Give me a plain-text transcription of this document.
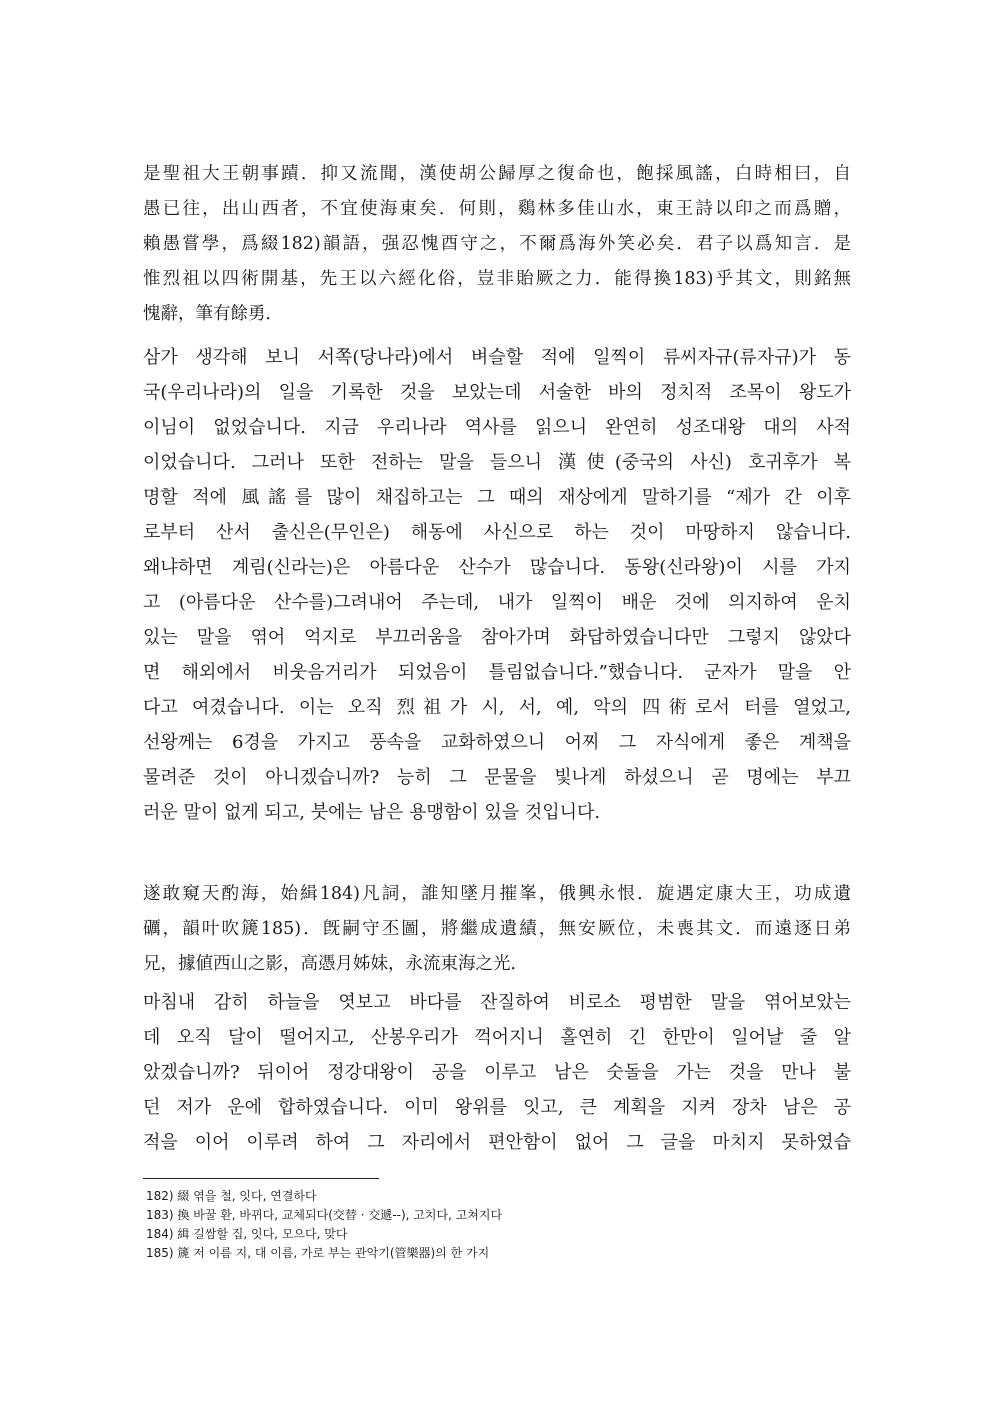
是聖祖大王朝事蹟．抑又流聞，漢使胡公歸厚之復命也，飽採風謠，白時相曰，自
愚已往，出山西者，不宜使海東矣．何則，鷄林多佳山水，東王詩以印之而爲贈，
賴愚嘗學，爲綴182)韻語，强忍愧酉守之，不爾爲海外笑必矣．君子以爲知言．是
惟烈祖以四術開基，先王以六經化俗，豈非貽厥之力．能得換183)乎其文，則銘無
愧辭，筆有餘勇．
삼가 생각해 보니 서쪽(당나라)에서 벼슬할 적에 일찍이 류씨자규(류자규)가 동
국(우리나라)의 일을 기록한 것을 보았는데 서술한 바의 정치적 조목이 왕도가
이님이 없었습니다. 지금 우리나라 역사를 읽으니 완연히 성조대왕 대의 사적
이었습니다. 그러나 또한 전하는 말을 들으니 漢使(중국의 사신) 호귀후가 복
명할 적에 風謠를 많이 채집하고는 그 때의 재상에게 말하기를 “제가 간 이후
로부터 산서 출신은(무인은) 해동에 사신으로 하는 것이 마땅하지 않습니다.
왜냐하면 계림(신라는)은 아름다운 산수가 많습니다. 동왕(신라왕)이 시를 가지
고 (아름다운 산수를)그려내어 주는데, 내가 일찍이 배운 것에 의지하여 운치
있는 말을 엮어 억지로 부끄러움을 참아가며 화답하였습니다만 그렇지 않았다
면 해외에서 비웃음거리가 되었음이 틀림없습니다.”했습니다. 군자가 말을 안
다고 여겼습니다. 이는 오직 烈祖가 시, 서, 예, 악의 四術로서 터를 열었고,
선왕께는 6경을 가지고 풍속을 교화하였으니 어찌 그 자식에게 좋은 계책을
물려준 것이 아니겠습니까? 능히 그 문물을 빛나게 하셨으니 곧 명에는 부끄
러운 말이 없게 되고, 붓에는 남은 용맹함이 있을 것입니다.
遂敢窺天酌海，始緝184)凡詞，誰知墜月摧峯，俄興永恨．旋遇定康大王，功成遺
礪，韻叶吹篪185)．旣嗣守丕圖，將繼成遺績，無安厥位，未喪其文．而遠逐日弟
兄，據値西山之影，高憑月姊妹，永流東海之光．
마침내 감히 하늘을 엿보고 바다를 잔질하여 비로소 평범한 말을 엮어보았는
데 오직 달이 떨어지고, 산봉우리가 꺽어지니 홀연히 긴 한만이 일어날 줄 알
았겠습니까? 뒤이어 정강대왕이 공을 이루고 남은 숫돌을 가는 것을 만나 불
던 저가 운에 합하였습니다. 이미 왕위를 잇고, 큰 계획을 지켜 장차 남은 공
적을 이어 이루려 하여 그 자리에서 편안함이 없어 그 글을 마치지 못하였습
182) 綴 엮을 철, 잇다, 연결하다
183) 換 바꿀 환, 바뀌다, 교체되다(交替 · 交遞--), 고치다, 고쳐지다
184) 緝 길쌈할 집, 잇다, 모으다, 맞다
185) 篪 저 이름 지, 대 이름, 가로 부는 관악기(管樂器)의 한 가지
